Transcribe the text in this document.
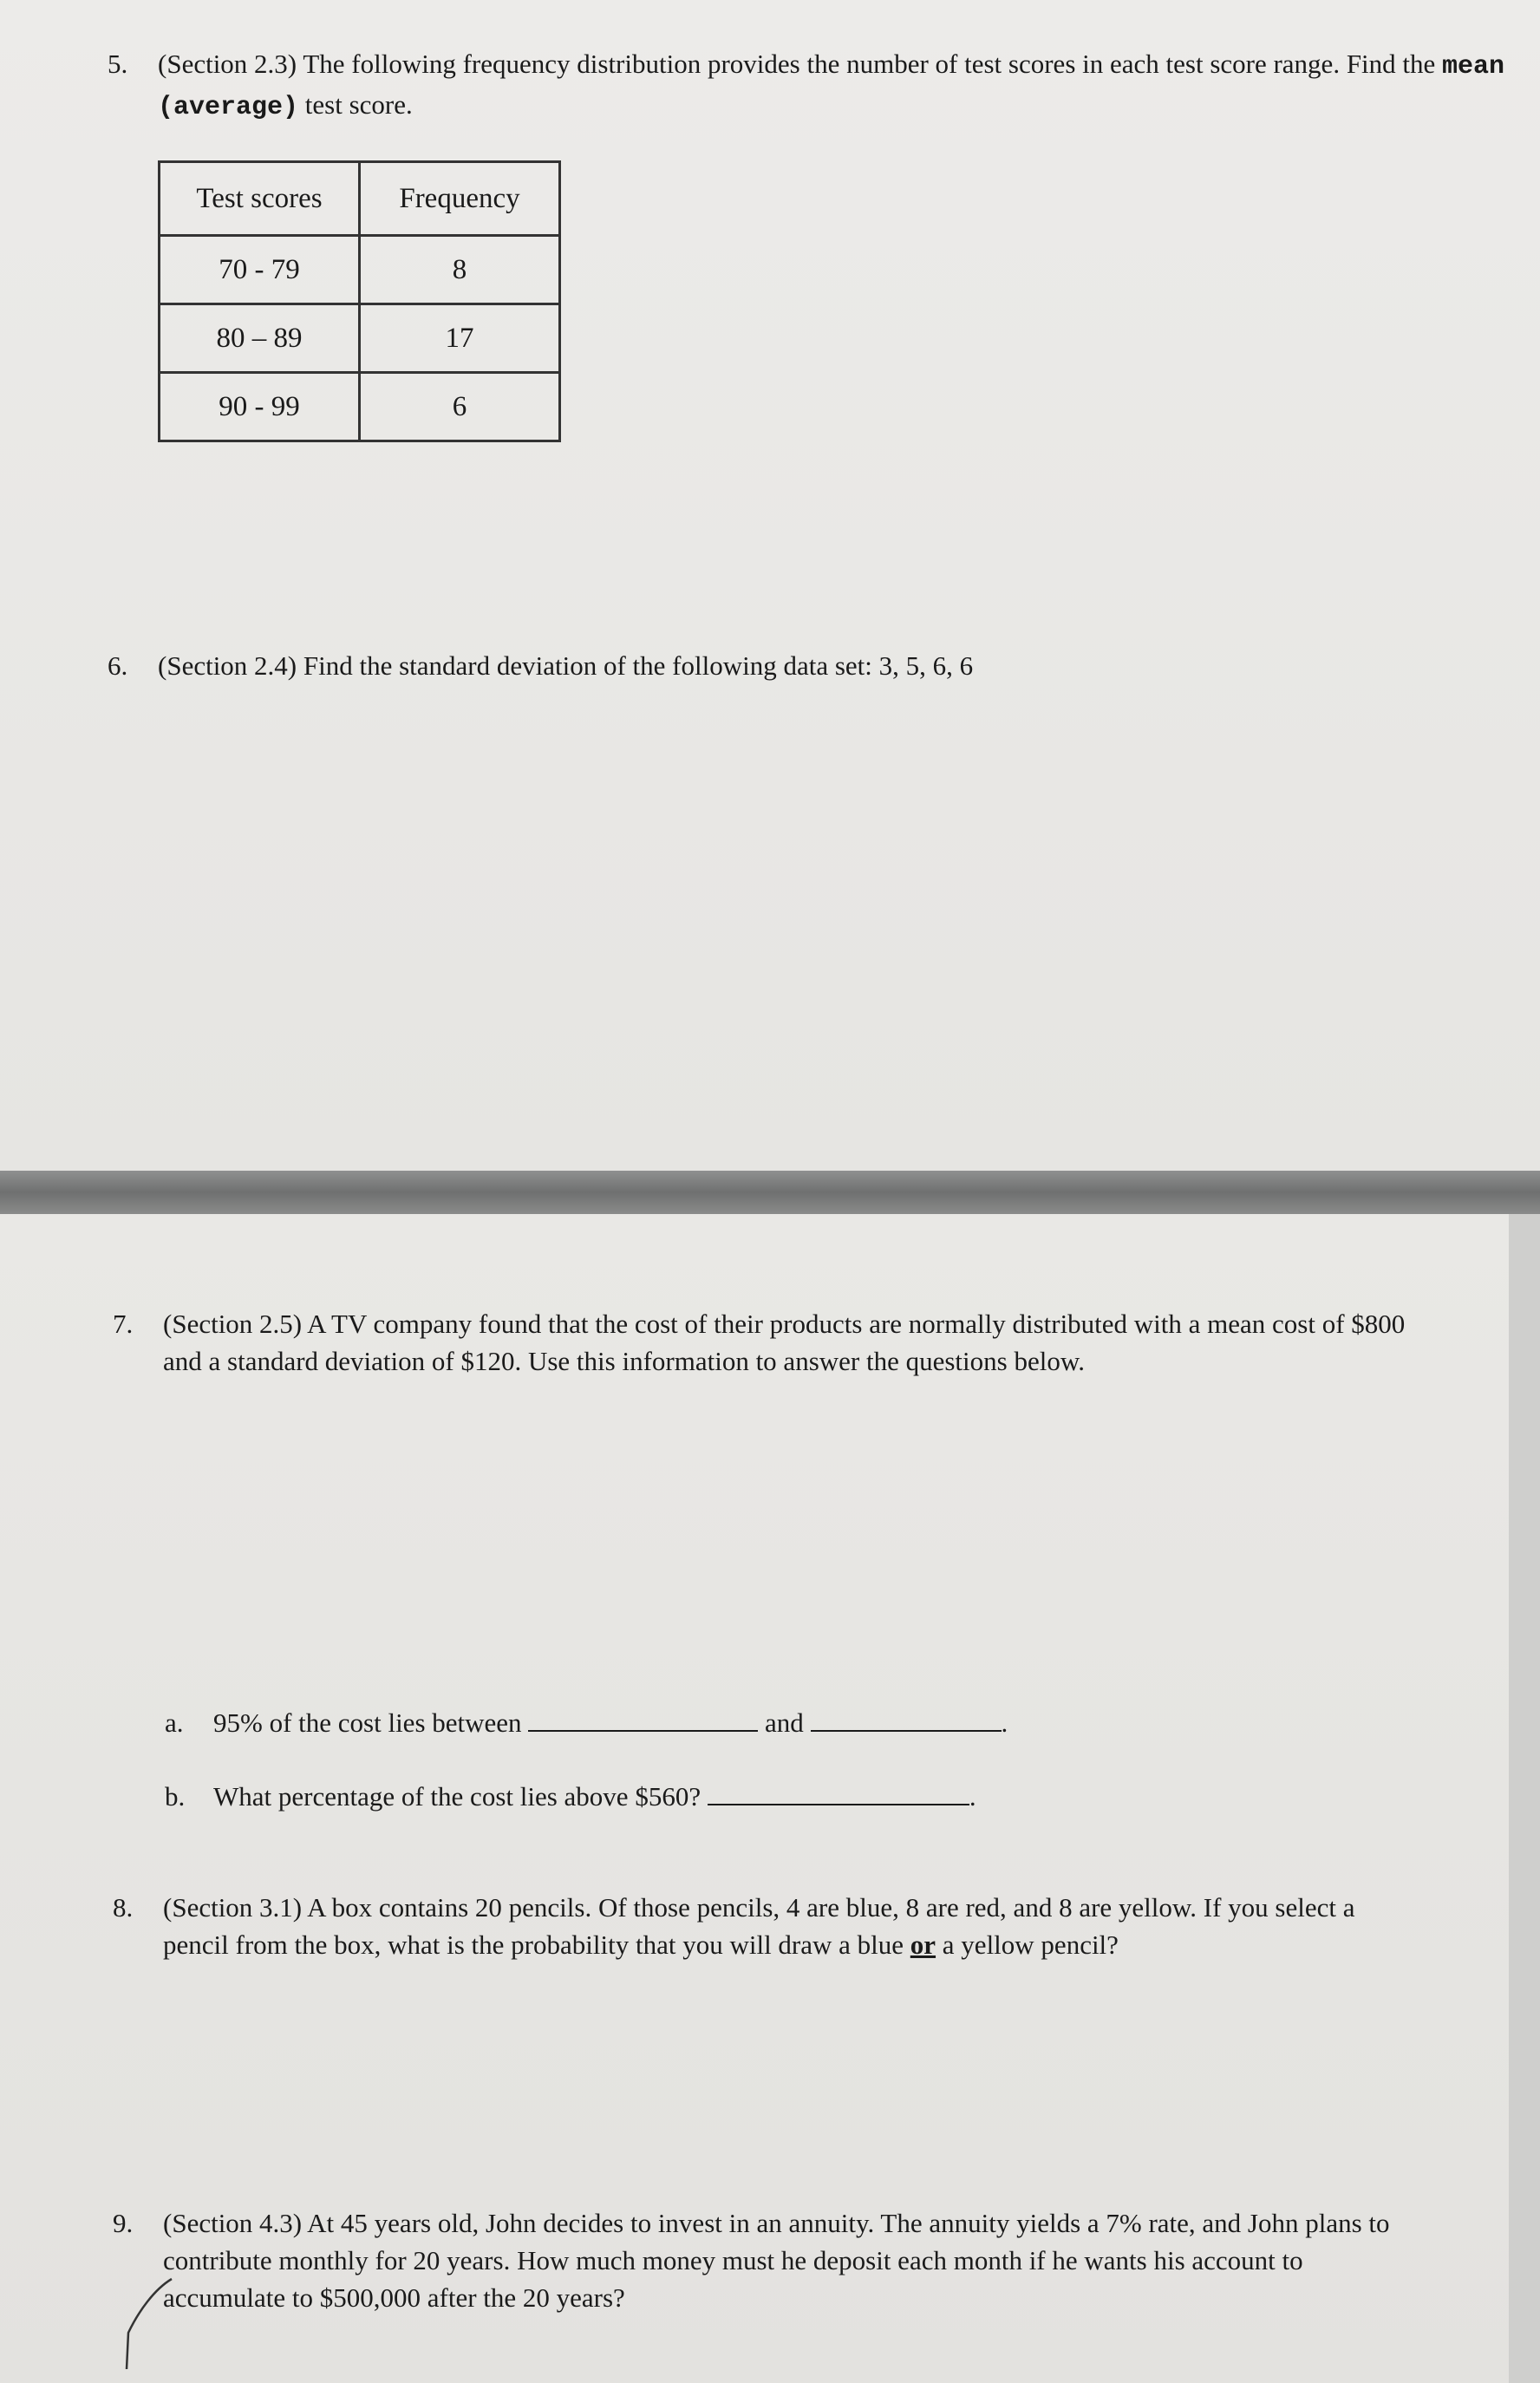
5. (Section 2.3) The following frequency distribution provides the number of test scores in each test score range. Find the mean (average) test score.
Test scores	Frequency
70 - 79	8
80 – 89	17
90 - 99	6
6. (Section 2.4) Find the standard deviation of the following data set: 3, 5, 6, 6
7. (Section 2.5) A TV company found that the cost of their products are normally distributed with a mean cost of $800 and a standard deviation of $120. Use this information to answer the questions below.
a. 95% of the cost lies between	and	.
b. What percentage of the cost lies above $560?	.
8. (Section 3.1) A box contains 20 pencils. Of those pencils, 4 are blue, 8 are red, and 8 are yellow. If you select a pencil from the box, what is the probability that you will draw a blue or a yellow pencil?
9. (Section 4.3) At 45 years old, John decides to invest in an annuity. The annuity yields a 7% rate, and John plans to contribute monthly for 20 years. How much money must he deposit each month if he wants his account to accumulate to $500,000 after the 20 years?
